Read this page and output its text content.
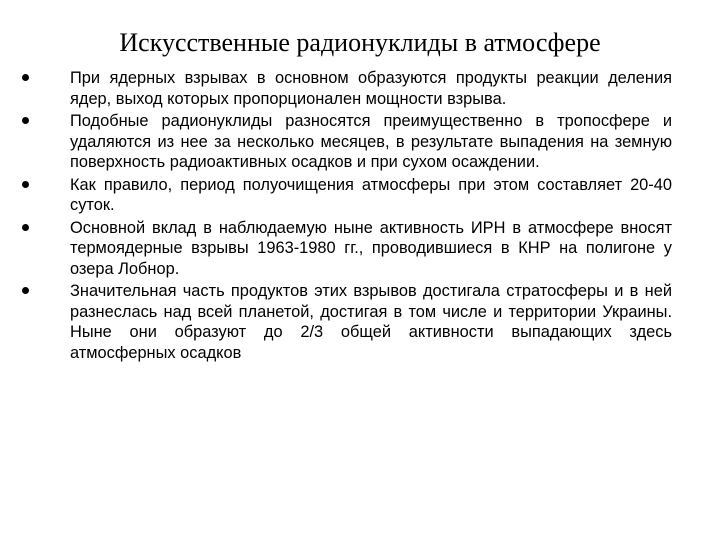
Искусственные радионуклиды в атмосфере
При ядерных взрывах в основном образуются продукты реакции деления ядер, выход которых пропорционален мощности взрыва.
Подобные радионуклиды разносятся преимущественно в тропосфере и удаляются из нее за несколько месяцев, в результате выпадения на земную поверхность радиоактивных осадков и при сухом осаждении.
Как правило, период полуочищения атмосферы при этом составляет 20-40 суток.
Основной вклад в наблюдаемую ныне активность ИРН в атмосфере вносят термоядерные взрывы 1963-1980 гг., проводившиеся в КНР на полигоне у озера Лобнор.
Значительная часть продуктов этих взрывов достигала стратосферы и в ней разнеслась над всей планетой, достигая в том числе и территории Украины. Ныне они образуют до 2/3 общей активности выпадающих здесь атмосферных осадков
